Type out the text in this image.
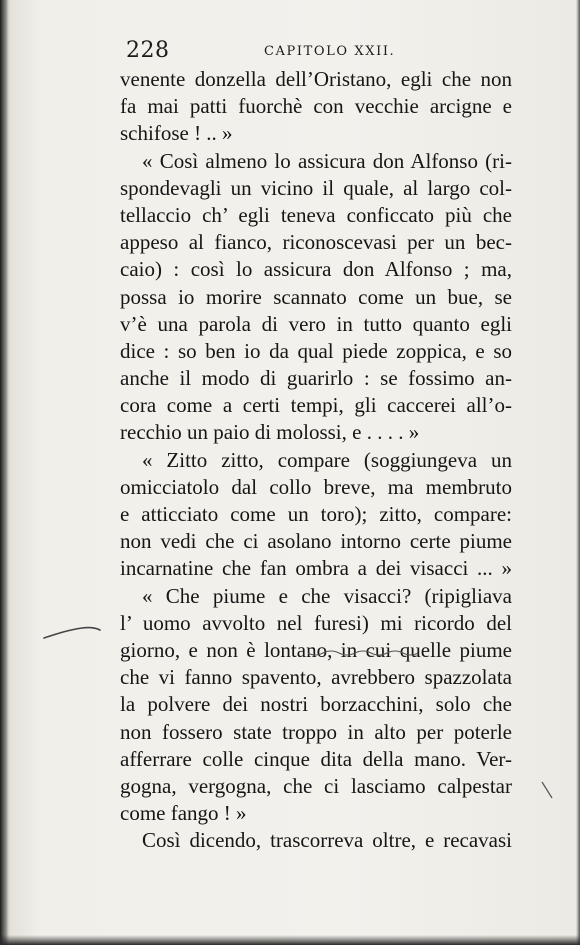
228	CAPITOLO XXII.
venente donzella dell’Oristano, egli che non
fa mai patti fuorchè con vecchie arcigne e
schifose ! .. »
« Così almeno lo assicura don Alfonso (ri-
spondevagli un vicino il quale, al largo col-
tellaccio ch’ egli teneva conficcato più che
appeso al fianco, riconoscevasi per un bec-
caio) : così lo assicura don Alfonso ; ma,
possa io morire scannato come un bue, se
v’è una parola di vero in tutto quanto egli
dice : so ben io da qual piede zoppica, e so
anche il modo di guarirlo : se fossimo an-
cora come a certi tempi, gli caccerei all’o-
recchio un paio di molossi, e . . . . »
« Zitto zitto, compare (soggiungeva un
omicciatolo dal collo breve, ma membruto
e atticciato come un toro); zitto, compare:
non vedi che ci asolano intorno certe piume
incarnatine che fan ombra a dei visacci ... »
« Che piume e che visacci? (ripigliava
l’ uomo avvolto nel furesi) mi ricordo del
giorno, e non è lontano, in cui quelle piume
che vi fanno spavento, avrebbero spazzolata
la polvere dei nostri borzacchini, solo che
non fossero state troppo in alto per poterle
afferrare colle cinque dita della mano. Ver-
gogna, vergogna, che ci lasciamo calpestar
come fango ! »
Così dicendo, trascorreva oltre, e recavasi
